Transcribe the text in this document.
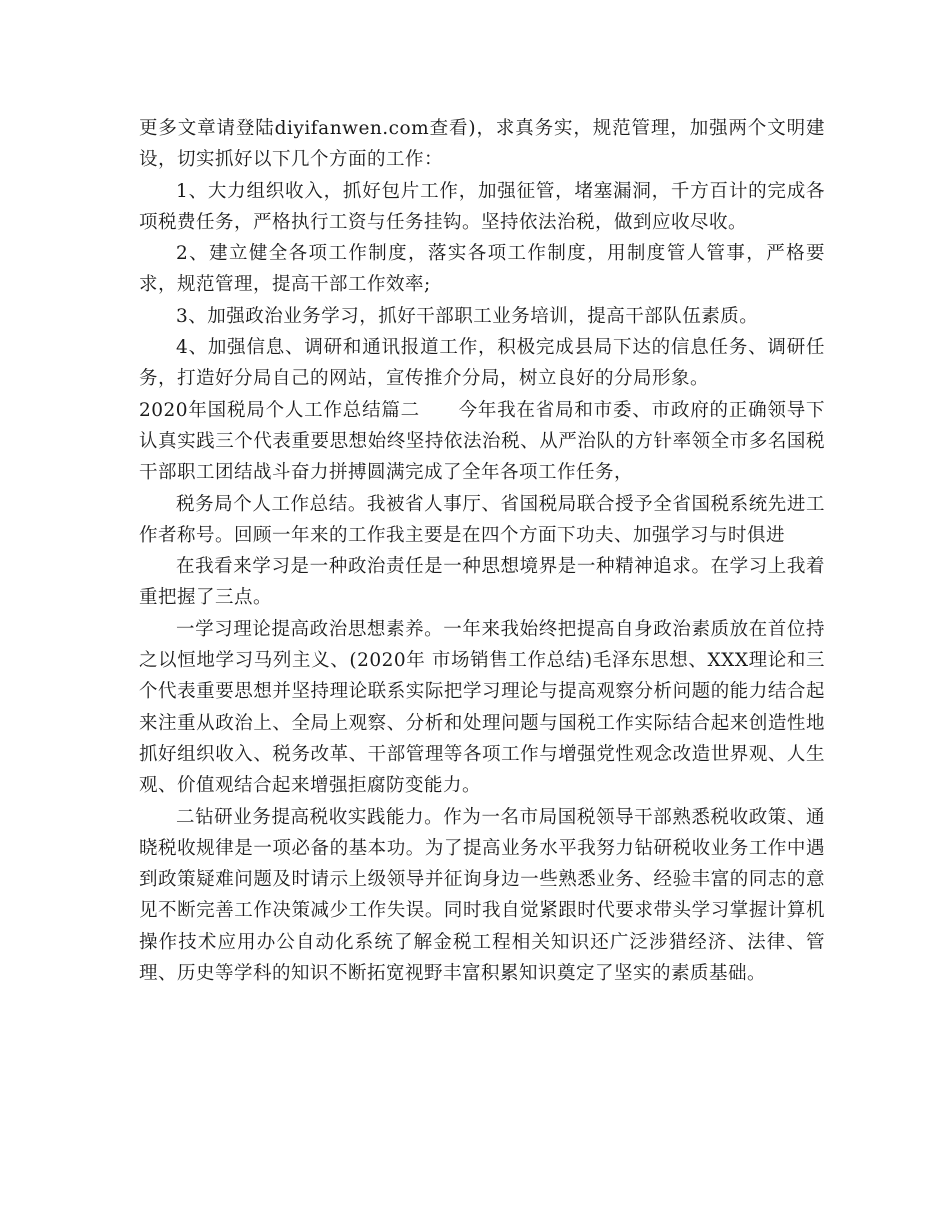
更多文章请登陆diyifanwen.com查看)，求真务实，规范管理，加强两个文明建设，切实抓好以下几个方面的工作：

1、大力组织收入，抓好包片工作，加强征管，堵塞漏洞，千方百计的完成各项税费任务，严格执行工资与任务挂钩。坚持依法治税，做到应收尽收。

2、建立健全各项工作制度，落实各项工作制度，用制度管人管事，严格要求，规范管理，提高干部工作效率;

3、加强政治业务学习，抓好干部职工业务培训，提高干部队伍素质。

4、加强信息、调研和通讯报道工作，积极完成县局下达的信息任务、调研任务，打造好分局自己的网站，宣传推介分局，树立良好的分局形象。

2020年国税局个人工作总结篇二　　今年我在省局和市委、市政府的正确领导下认真实践三个代表重要思想始终坚持依法治税、从严治队的方针率领全市多名国税干部职工团结战斗奋力拼搏圆满完成了全年各项工作任务，

税务局个人工作总结。我被省人事厅、省国税局联合授予全省国税系统先进工作者称号。回顾一年来的工作我主要是在四个方面下功夫、加强学习与时俱进

在我看来学习是一种政治责任是一种思想境界是一种精神追求。在学习上我着重把握了三点。

一学习理论提高政治思想素养。一年来我始终把提高自身政治素质放在首位持之以恒地学习马列主义、(2020年 市场销售工作总结)毛泽东思想、XXX理论和三个代表重要思想并坚持理论联系实际把学习理论与提高观察分析问题的能力结合起来注重从政治上、全局上观察、分析和处理问题与国税工作实际结合起来创造性地抓好组织收入、税务改革、干部管理等各项工作与增强党性观念改造世界观、人生观、价值观结合起来增强拒腐防变能力。

二钻研业务提高税收实践能力。作为一名市局国税领导干部熟悉税收政策、通晓税收规律是一项必备的基本功。为了提高业务水平我努力钻研税收业务工作中遇到政策疑难问题及时请示上级领导并征询身边一些熟悉业务、经验丰富的同志的意见不断完善工作决策减少工作失误。同时我自觉紧跟时代要求带头学习掌握计算机操作技术应用办公自动化系统了解金税工程相关知识还广泛涉猎经济、法律、管理、历史等学科的知识不断拓宽视野丰富积累知识奠定了坚实的素质基础。
